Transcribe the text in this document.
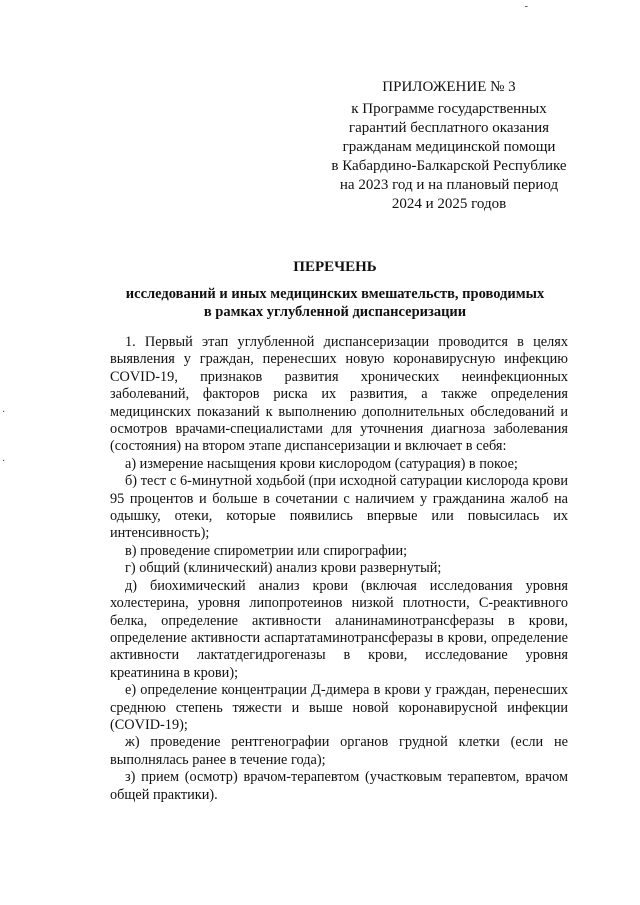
-
·
·
ПРИЛОЖЕНИЕ № 3
к Программе государственных
гарантий бесплатного оказания
гражданам медицинской помощи
в Кабардино-Балкарской Республике
на 2023 год и на плановый период
2024 и 2025 годов
ПЕРЕЧЕНЬ
исследований и иных медицинских вмешательств, проводимых
в рамках углубленной диспансеризации

1. Первый этап углубленной диспансеризации проводится в целях выявления у граждан, перенесших новую коронавирусную инфекцию COVID-19, признаков развития хронических неинфекционных заболеваний, факторов риска их развития, а также определения медицинских показаний к выполнению дополнительных обследований и осмотров врачами-специалистами для уточнения диагноза заболевания (состояния) на втором этапе диспансеризации и включает в себя:

а) измерение насыщения крови кислородом (сатурация) в покое;

б) тест с 6-минутной ходьбой (при исходной сатурации кислорода крови 95 процентов и больше в сочетании с наличием у гражданина жалоб на одышку, отеки, которые появились впервые или повысилась их интенсивность);

в) проведение спирометрии или спирографии;

г) общий (клинический) анализ крови развернутый;

д) биохимический анализ крови (включая исследования уровня холестерина, уровня липопротеинов низкой плотности, С-реактивного белка, определение активности аланинаминотрансферазы в крови, определение активности аспартатаминотрансферазы в крови, определение активности лактатдегидрогеназы в крови, исследование уровня креатинина в крови);

е) определение концентрации Д-димера в крови у граждан, перенесших среднюю степень тяжести и выше новой коронавирусной инфекции (COVID-19);

ж) проведение рентгенографии органов грудной клетки (если не выполнялась ранее в течение года);

з) прием (осмотр) врачом-терапевтом (участковым терапевтом, врачом общей практики).
